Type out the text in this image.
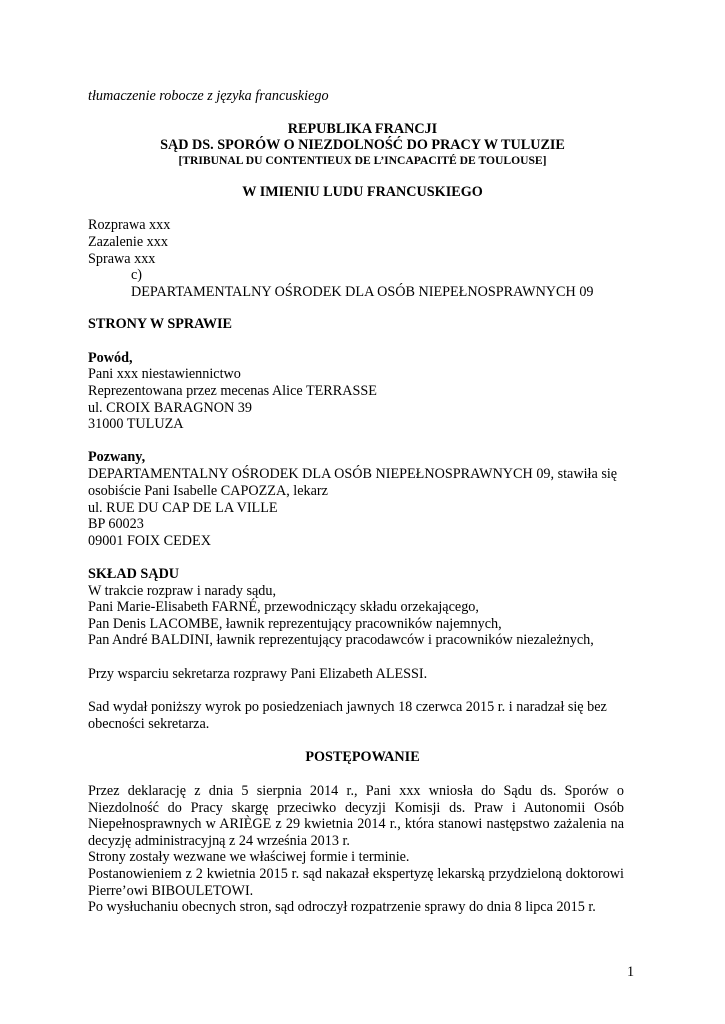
tłumaczenie robocze z języka francuskiego
REPUBLIKA FRANCJI
SĄD DS. SPORÓW O NIEZDOLNOŚĆ DO PRACY W TULUZIE
[TRIBUNAL DU CONTENTIEUX DE L’INCAPACITÉ DE TOULOUSE]
W IMIENIU LUDU FRANCUSKIEGO
Rozprawa xxx
Zazalenie xxx
Sprawa xxx
c)
DEPARTAMENTALNY OŚRODEK DLA OSÓB NIEPEŁNOSPRAWNYCH 09
STRONY W SPRAWIE
Powód,
Pani xxx niestawiennictwo
Reprezentowana przez mecenas Alice TERRASSE
ul. CROIX BARAGNON 39
31000 TULUZA
Pozwany,
DEPARTAMENTALNY OŚRODEK DLA OSÓB NIEPEŁNOSPRAWNYCH 09, stawiła się
osobiście Pani Isabelle CAPOZZA, lekarz
ul. RUE DU CAP DE LA VILLE
BP 60023
09001 FOIX CEDEX
SKŁAD SĄDU
W trakcie rozpraw i narady sądu,
Pani Marie-Elisabeth FARNÉ, przewodniczący składu orzekającego,
Pan Denis LACOMBE, ławnik reprezentujący pracowników najemnych,
Pan André BALDINI, ławnik reprezentujący pracodawców i pracowników niezależnych,
Przy wsparciu sekretarza rozprawy Pani Elizabeth ALESSI.
Sad wydał poniższy wyrok po posiedzeniach jawnych 18 czerwca 2015 r. i naradzał się bez
obecności sekretarza.
POSTĘPOWANIE
Przez deklarację z dnia 5 sierpnia 2014 r., Pani xxx wniosła do Sądu ds. Sporów o
Niezdolność do Pracy skargę przeciwko decyzji Komisji ds. Praw i Autonomii Osób
Niepełnosprawnych w ARIÈGE z 29 kwietnia 2014 r., która stanowi następstwo zażalenia na
decyzję administracyjną z 24 września 2013 r.
Strony zostały wezwane we właściwej formie i terminie.
Postanowieniem z 2 kwietnia 2015 r. sąd nakazał ekspertyzę lekarską przydzieloną doktorowi
Pierre’owi BIBOULETOWI.
Po wysłuchaniu obecnych stron, sąd odroczył rozpatrzenie sprawy do dnia 8 lipca 2015 r.
1
